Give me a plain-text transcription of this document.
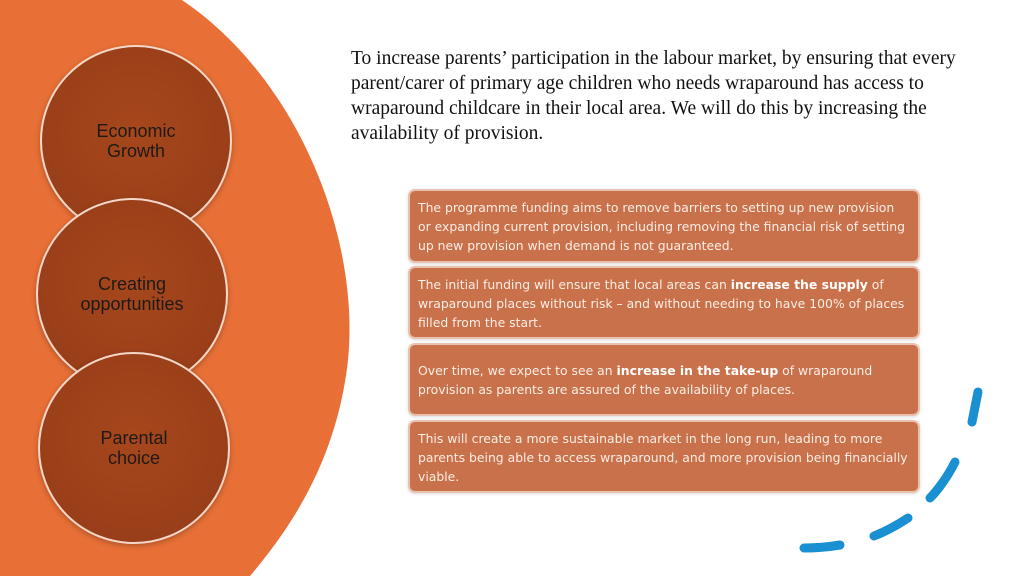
Economic
Growth
Creating
opportunities
Parental
choice
To increase parents’ participation in the labour market, by ensuring that every parent/carer of primary age children who needs wraparound has access to wraparound childcare in their local area. We will do this by increasing the availability of provision.
The programme funding aims to remove barriers to setting up new provision or expanding current provision, including removing the financial risk of setting up new provision when demand is not guaranteed.
The initial funding will ensure that local areas can increase the supply of wraparound places without risk – and without needing to have 100% of places filled from the start.
Over time, we expect to see an increase in the take-up of wraparound provision as parents are assured of the availability of places.
This will create a more sustainable market in the long run, leading to more parents being able to access wraparound, and more provision being financially viable.
